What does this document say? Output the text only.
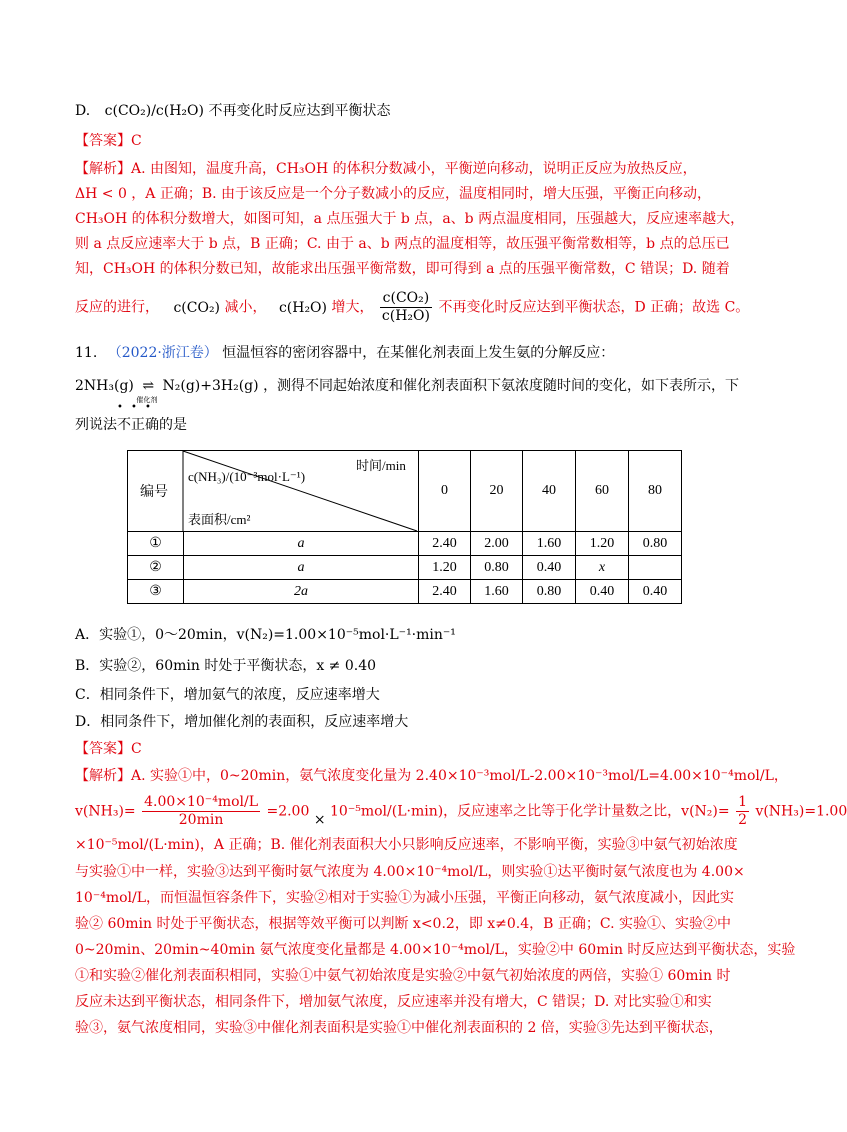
D. c(CO₂)/c(H₂O) 不再变化时反应达到平衡状态
【答案】C
【解析】A. 由图知，温度升高，CH₃OH 的体积分数减小，平衡逆向移动，说明正反应为放热反应，
ΔH < 0 ，A 正确；B. 由于该反应是一个分子数减小的反应，温度相同时，增大压强，平衡正向移动，
CH₃OH 的体积分数增大，如图可知，a 点压强大于 b 点，a、b 两点温度相同，压强越大，反应速率越大，
则 a 点反应速率大于 b 点，B 正确；C. 由于 a、b 两点的温度相等，故压强平衡常数相等，b 点的总压已
知，CH₃OH 的体积分数已知，故能求出压强平衡常数，即可得到 a 点的压强平衡常数，C 错误；D. 随着
反应的进行， c(CO₂) 减小， c(H₂O) 增大， $\frac{\text{c(CO₂)}}{\text{c(H₂O)}}$ 不再变化时反应达到平衡状态，D 正确；故选 C。
11. （2022·浙江卷） 恒温恒容的密闭容器中，在某催化剂表面上发生氨的分解反应：
2NH₃(g) ⇌
催化剂
N₂(g)+3H₂(g) ，测得不同起始浓度和催化剂表面积下氨浓度随时间的变化，如下表所示，下
列说法不正确的是
• • •
编号
c(NH₃)/(10⁻³mol·L⁻¹)
时间/min
表面积/cm²		0	20	40	60	80
①	a	2.40	2.00	1.60	1.20	0.80
②	a	1.20	0.80	0.40	x	
③	2a	2.40	1.60	0.80	0.40	0.40
A．实验①，0～20min，v(N₂)=1.00×10⁻⁵mol·L⁻¹·min⁻¹
B．实验②，60min 时处于平衡状态，x ≠ 0.40
C．相同条件下，增加氨气的浓度，反应速率增大
D．相同条件下，增加催化剂的表面积，反应速率增大
【答案】C
【解析】A. 实验①中，0~20min，氨气浓度变化量为 2.40×10⁻³mol/L-2.00×10⁻³mol/L=4.00×10⁻⁴mol/L，
$v(NH_3)= \frac{\text{4.00×10⁻⁴mol/L}}{20\min} =2.00 \times 10^{-5}mol/(L\cdot\min)$，反应速率之比等于化学计量数之比，$v(N_2)= \frac{1}{2} v(NH_3)=1.00$
×10⁻⁵mol/(L·min)，A 正确；B. 催化剂表面积大小只影响反应速率，不影响平衡，实验③中氨气初始浓度
与实验①中一样，实验③达到平衡时氨气浓度为 4.00×10⁻⁴mol/L，则实验①达平衡时氨气浓度也为 4.00×
10⁻⁴mol/L，而恒温恒容条件下，实验②相对于实验①为减小压强，平衡正向移动，氨气浓度减小，因此实
验② 60min 时处于平衡状态，根据等效平衡可以判断 x<0.2，即 x≠0.4，B 正确；C. 实验①、实验②中
0~20min、20min~40min 氨气浓度变化量都是 4.00×10⁻⁴mol/L，实验②中 60min 时反应达到平衡状态，实验
①和实验②催化剂表面积相同，实验①中氨气初始浓度是实验②中氨气初始浓度的两倍，实验① 60min 时
反应未达到平衡状态，相同条件下，增加氨气浓度，反应速率并没有增大，C 错误；D. 对比实验①和实
验③，氨气浓度相同，实验③中催化剂表面积是实验①中催化剂表面积的 2 倍，实验③先达到平衡状态，
